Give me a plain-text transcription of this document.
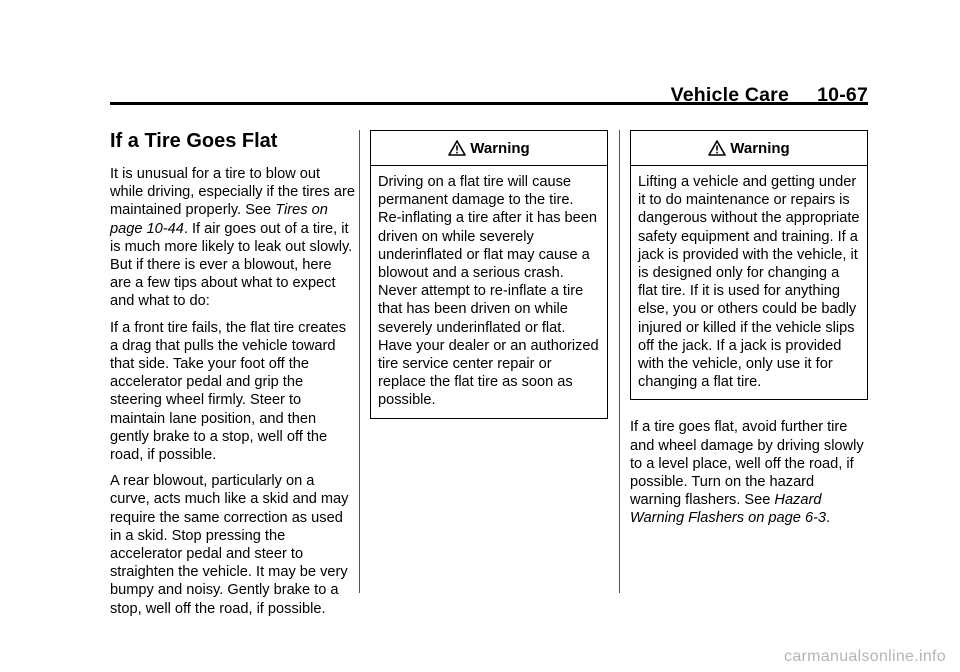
Vehicle Care 10-67
If a Tire Goes Flat

It is unusual for a tire to blow out while driving, especially if the tires are maintained properly. See Tires on page 10-44. If air goes out of a tire, it is much more likely to leak out slowly. But if there is ever a blowout, here are a few tips about what to expect and what to do:

If a front tire fails, the flat tire creates a drag that pulls the vehicle toward that side. Take your foot off the accelerator pedal and grip the steering wheel firmly. Steer to maintain lane position, and then gently brake to a stop, well off the road, if possible.

A rear blowout, particularly on a curve, acts much like a skid and may require the same correction as used in a skid. Stop pressing the accelerator pedal and steer to straighten the vehicle. It may be very bumpy and noisy. Gently brake to a stop, well off the road, if possible.

Warning
Driving on a flat tire will cause permanent damage to the tire. Re-inflating a tire after it has been driven on while severely underinflated or flat may cause a blowout and a serious crash. Never attempt to re-inflate a tire that has been driven on while severely underinflated or flat. Have your dealer or an authorized tire service center repair or replace the flat tire as soon as possible.
Warning
Lifting a vehicle and getting under it to do maintenance or repairs is dangerous without the appropriate safety equipment and training. If a jack is provided with the vehicle, it is designed only for changing a flat tire. If it is used for anything else, you or others could be badly injured or killed if the vehicle slips off the jack. If a jack is provided with the vehicle, only use it for changing a flat tire.

If a tire goes flat, avoid further tire and wheel damage by driving slowly to a level place, well off the road, if possible. Turn on the hazard warning flashers. See Hazard Warning Flashers on page 6-3.

carmanualsonline.info
